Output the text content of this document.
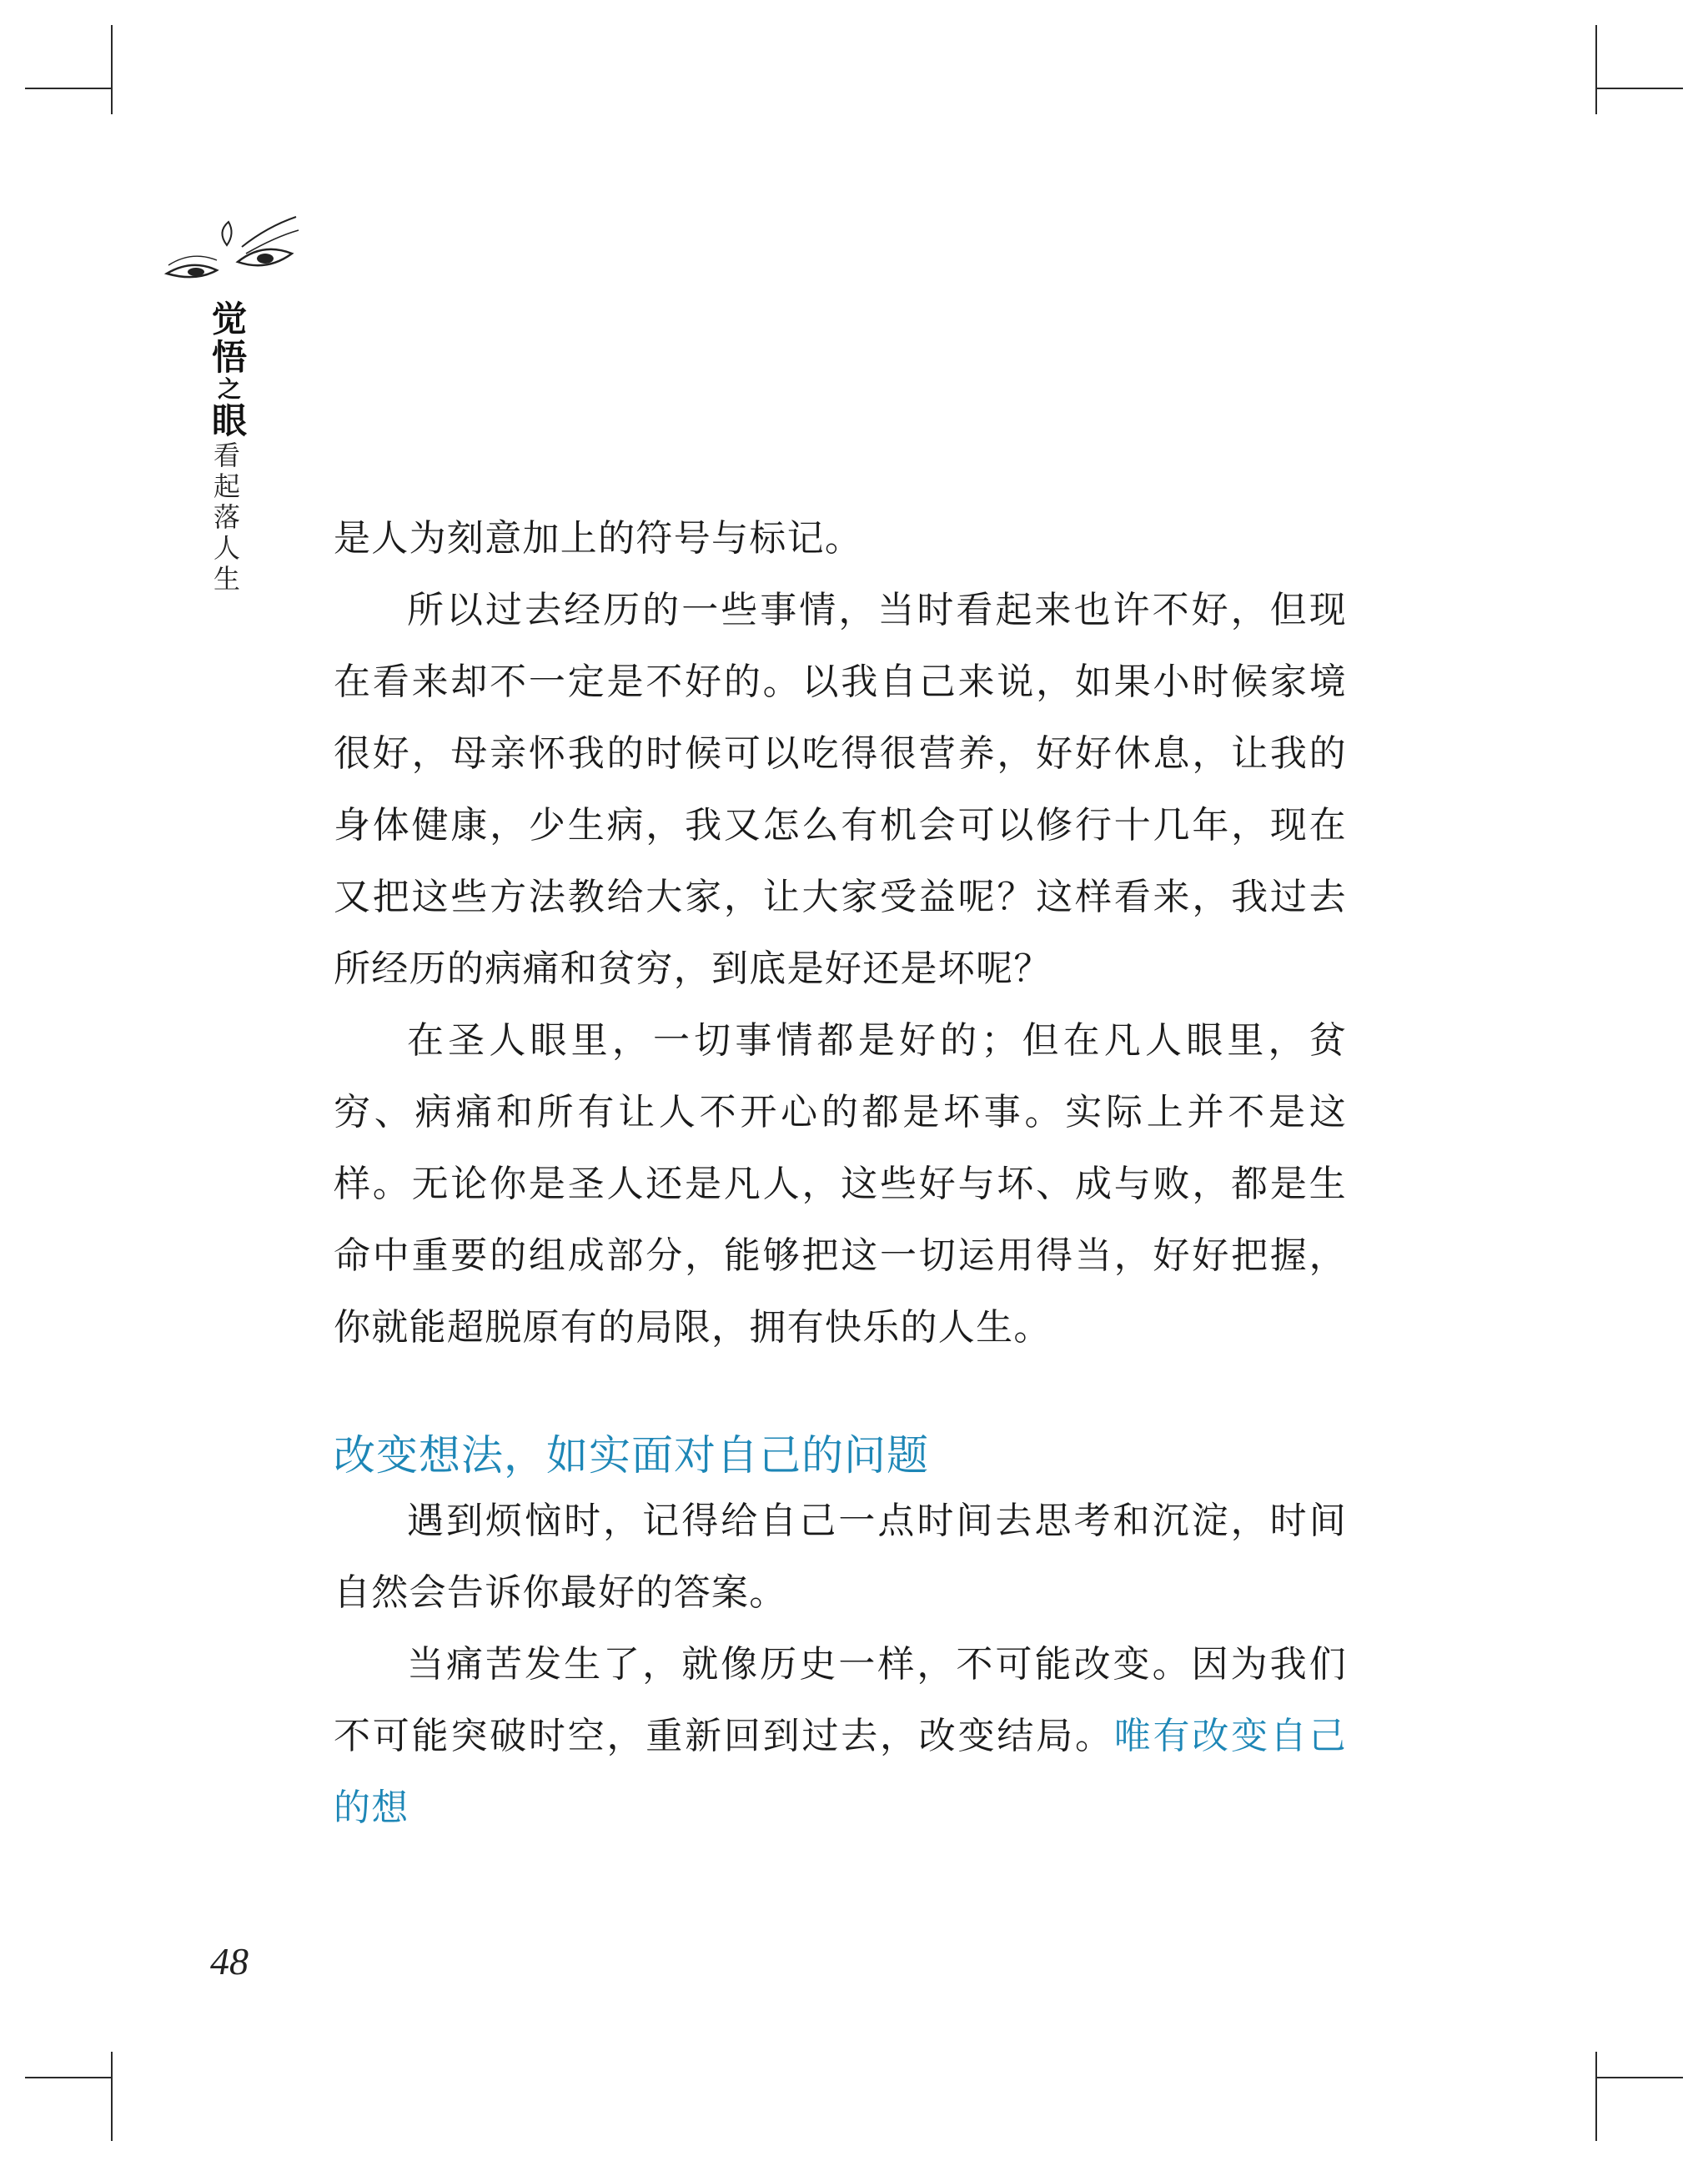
觉
悟
之
眼
看
起
落
人
生

是人为刻意加上的符号与标记。

所以过去经历的一些事情，当时看起来也许不好，但现在看来却不一定是不好的。以我自己来说，如果小时候家境很好，母亲怀我的时候可以吃得很营养，好好休息，让我的身体健康，少生病，我又怎么有机会可以修行十几年，现在又把这些方法教给大家，让大家受益呢？这样看来，我过去所经历的病痛和贫穷，到底是好还是坏呢？

在圣人眼里，一切事情都是好的；但在凡人眼里，贫穷、病痛和所有让人不开心的都是坏事。实际上并不是这样。无论你是圣人还是凡人，这些好与坏、成与败，都是生命中重要的组成部分，能够把这一切运用得当，好好把握，你就能超脱原有的局限，拥有快乐的人生。

改变想法，如实面对自己的问题

遇到烦恼时，记得给自己一点时间去思考和沉淀，时间自然会告诉你最好的答案。

当痛苦发生了，就像历史一样，不可能改变。因为我们不可能突破时空，重新回到过去，改变结局。唯有改变自己的想

48
